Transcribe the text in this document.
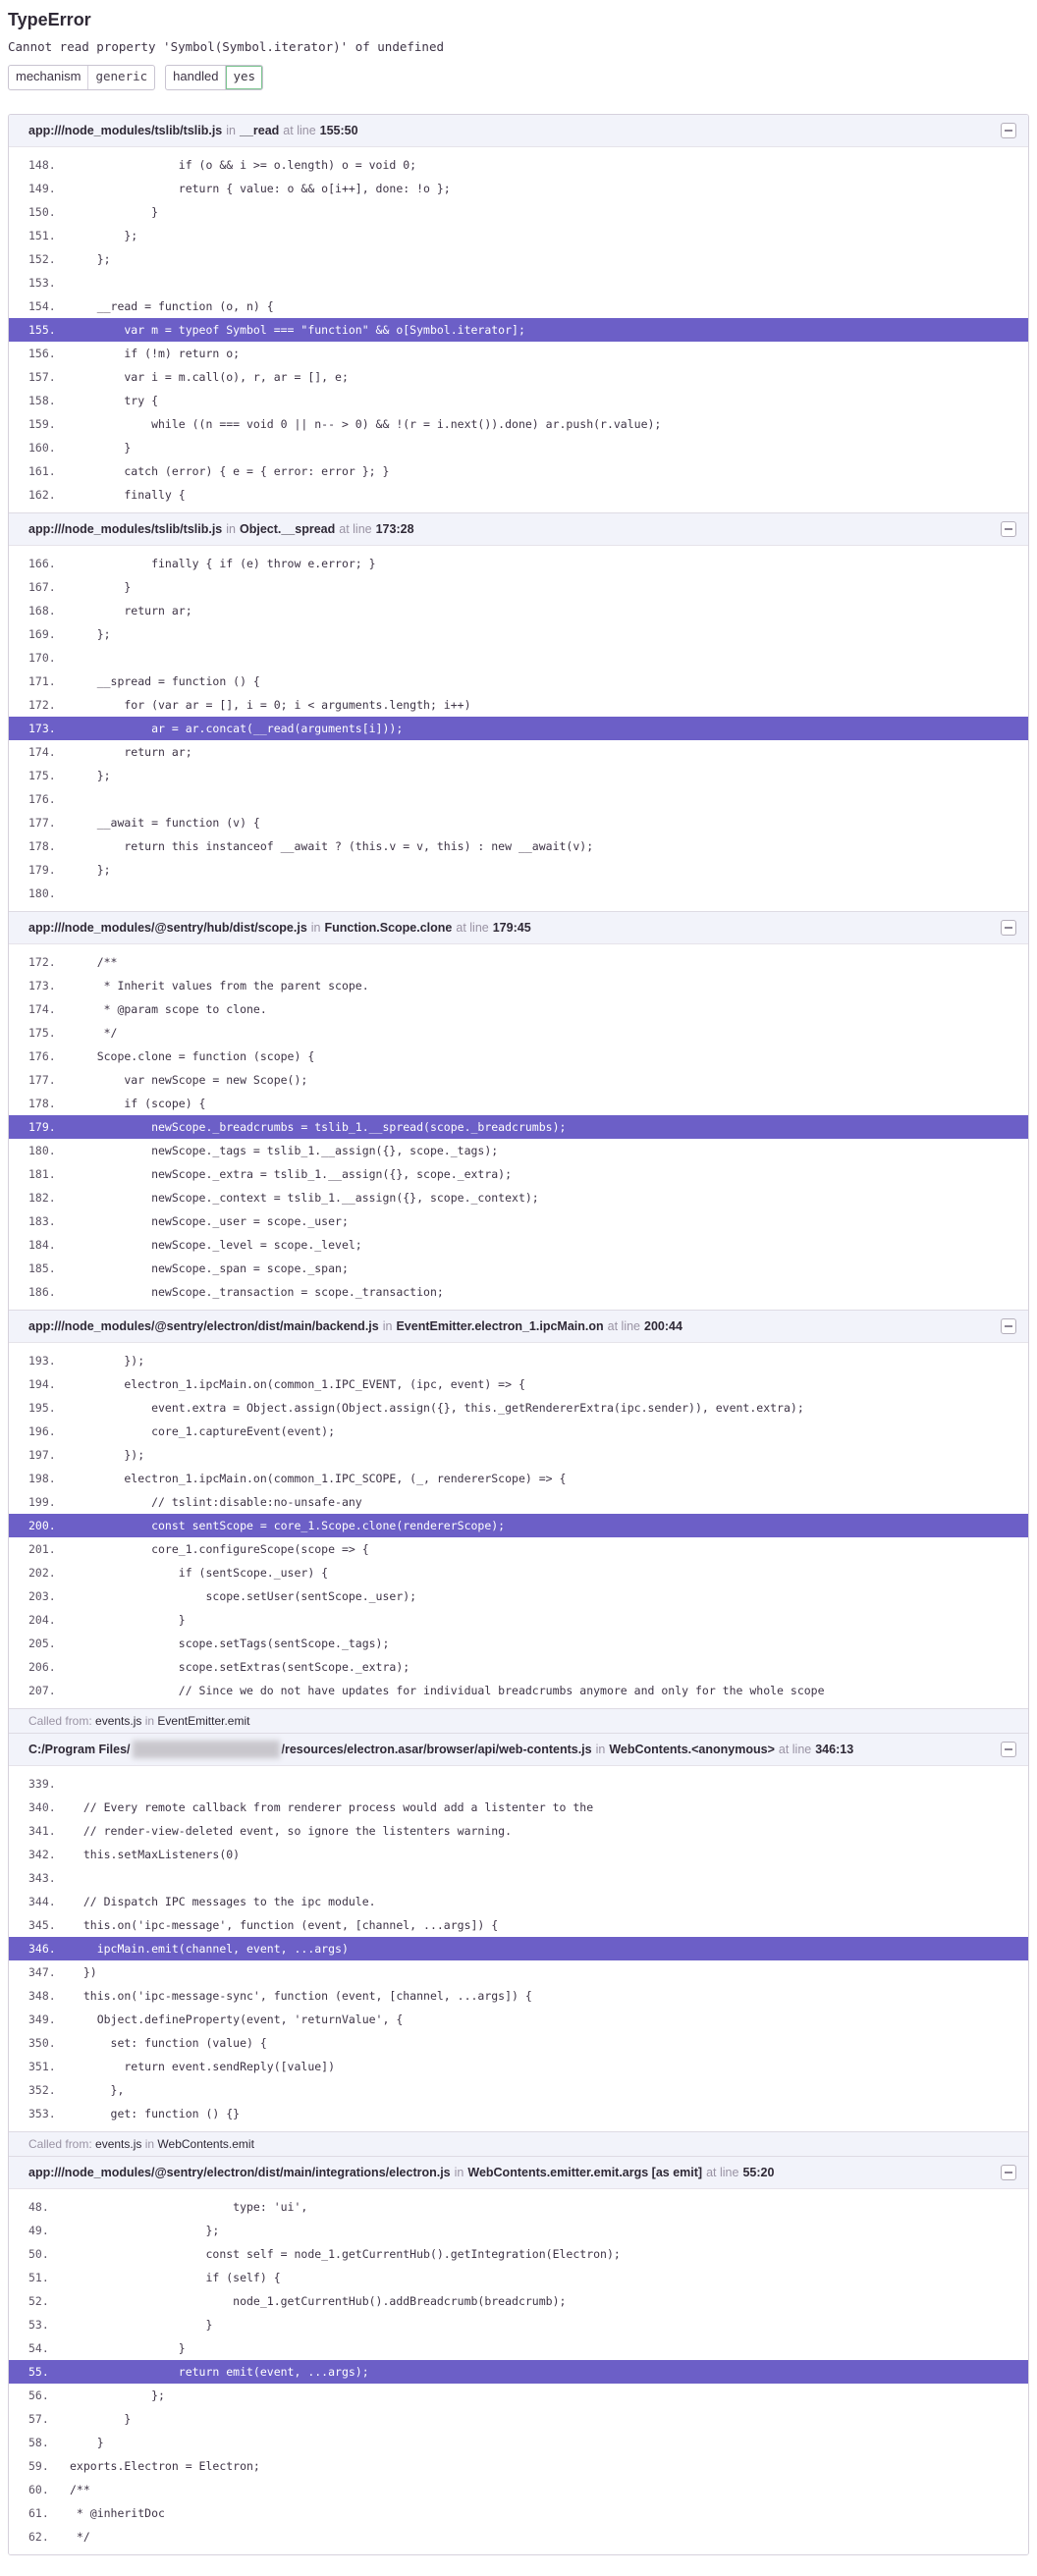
TypeError
Cannot read property 'Symbol(Symbol.iterator)' of undefined
mechanism	generic	handled	yes
app:///node_modules/tslib/tslib.js in __read at line 155:50
148.	if (o && i >= o.length) o = void 0;
149.	return { value: o && o[i++], done: !o };
150.	}
151.	};
152.	};
153.
154.	__read = function (o, n) {
155.	var m = typeof Symbol === "function" && o[Symbol.iterator];
156.	if (!m) return o;
157.	var i = m.call(o), r, ar = [], e;
158.	try {
159.	while ((n === void 0 || n-- > 0) && !(r = i.next()).done) ar.push(r.value);
160.	}
161.	catch (error) { e = { error: error }; }
162.	finally {
app:///node_modules/tslib/tslib.js in Object.__spread at line 173:28
166.	finally { if (e) throw e.error; }
167.	}
168.	return ar;
169.	};
170.
171.	__spread = function () {
172.	for (var ar = [], i = 0; i < arguments.length; i++)
173.	ar = ar.concat(__read(arguments[i]));
174.	return ar;
175.	};
176.
177.	__await = function (v) {
178.	return this instanceof __await ? (this.v = v, this) : new __await(v);
179.	};
180.
app:///node_modules/@sentry/hub/dist/scope.js in Function.Scope.clone at line 179:45
172.	/**
173.	* Inherit values from the parent scope.
174.	* @param scope to clone.
175.	*/
176.	Scope.clone = function (scope) {
177.	var newScope = new Scope();
178.	if (scope) {
179.	newScope._breadcrumbs = tslib_1.__spread(scope._breadcrumbs);
180.	newScope._tags = tslib_1.__assign({}, scope._tags);
181.	newScope._extra = tslib_1.__assign({}, scope._extra);
182.	newScope._context = tslib_1.__assign({}, scope._context);
183.	newScope._user = scope._user;
184.	newScope._level = scope._level;
185.	newScope._span = scope._span;
186.	newScope._transaction = scope._transaction;
app:///node_modules/@sentry/electron/dist/main/backend.js in EventEmitter.electron_1.ipcMain.on at line 200:44
193.	});
194.	electron_1.ipcMain.on(common_1.IPC_EVENT, (ipc, event) => {
195.	event.extra = Object.assign(Object.assign({}, this._getRendererExtra(ipc.sender)), event.extra);
196.	core_1.captureEvent(event);
197.	});
198.	electron_1.ipcMain.on(common_1.IPC_SCOPE, (_, rendererScope) => {
199.	// tslint:disable:no-unsafe-any
200.	const sentScope = core_1.Scope.clone(rendererScope);
201.	core_1.configureScope(scope => {
202.	if (sentScope._user) {
203.	scope.setUser(sentScope._user);
204.	}
205.	scope.setTags(sentScope._tags);
206.	scope.setExtras(sentScope._extra);
207.	// Since we do not have updates for individual breadcrumbs anymore and only for the whole scope
Called from: events.js in EventEmitter.emit
C:/Program Files/	/resources/electron.asar/browser/api/web-contents.js in WebContents.<anonymous> at line 346:13
339.
340.	// Every remote callback from renderer process would add a listenter to the
341.	// render-view-deleted event, so ignore the listenters warning.
342.	this.setMaxListeners(0)
343.
344.	// Dispatch IPC messages to the ipc module.
345.	this.on('ipc-message', function (event, [channel, ...args]) {
346.	ipcMain.emit(channel, event, ...args)
347.	})
348.	this.on('ipc-message-sync', function (event, [channel, ...args]) {
349.	Object.defineProperty(event, 'returnValue', {
350.	set: function (value) {
351.	return event.sendReply([value])
352.	},
353.	get: function () {}
Called from: events.js in WebContents.emit
app:///node_modules/@sentry/electron/dist/main/integrations/electron.js in WebContents.emitter.emit.args [as emit] at line 55:20
48.	type: 'ui',
49.	};
50.	const self = node_1.getCurrentHub().getIntegration(Electron);
51.	if (self) {
52.	node_1.getCurrentHub().addBreadcrumb(breadcrumb);
53.	}
54.	}
55.	return emit(event, ...args);
56.	};
57.	}
58.	}
59.	exports.Electron = Electron;
60.	/**
61.	* @inheritDoc
62.	*/
